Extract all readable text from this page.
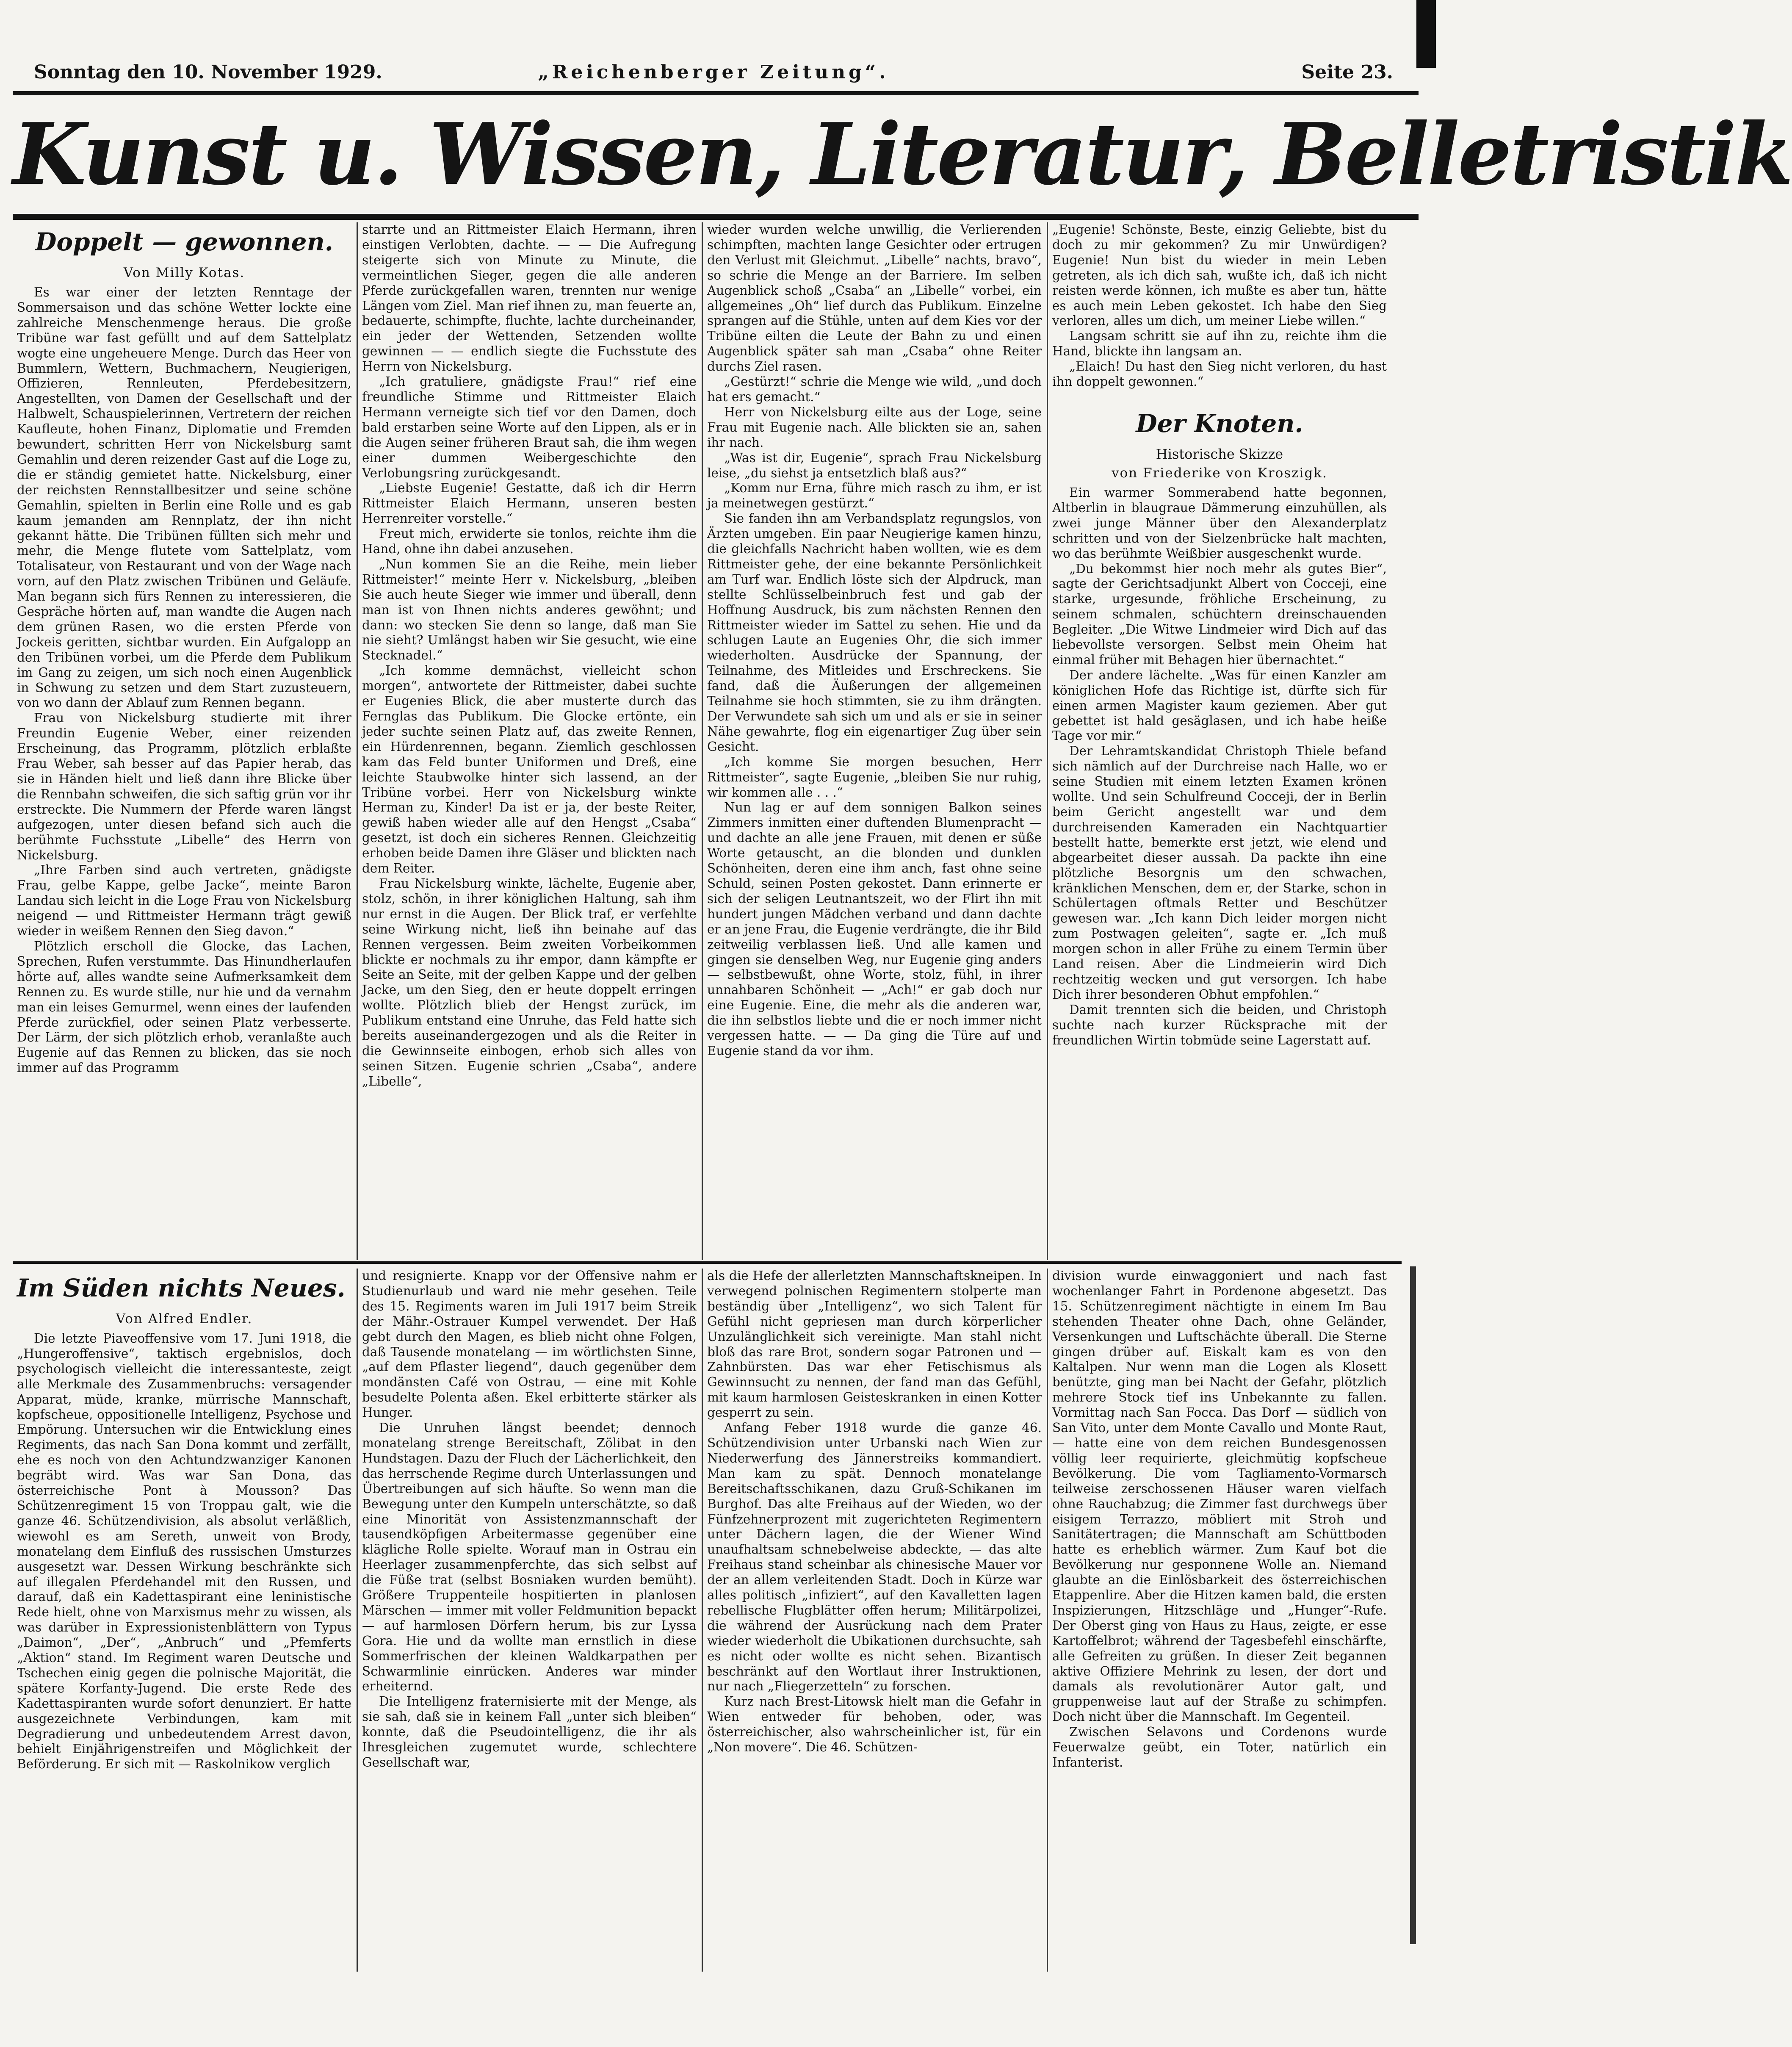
Sonntag den 10. November 1929.	„Reichenberger Zeitung“.	Seite 23.
Kunst u. Wissen, Literatur, Belletristik
Doppelt — gewonnen.
Von Milly Kotas.

Es war einer der letzten Renntage der Sommersaison und das schöne Wetter lockte eine zahlreiche Menschenmenge heraus. Die große Tribüne war fast gefüllt und auf dem Sattelplatz wogte eine ungeheuere Menge. Durch das Heer von Bummlern, Wettern, Buchmachern, Neugierigen, Offizieren, Rennleuten, Pferdebesitzern, Angestellten, von Damen der Gesellschaft und der Halbwelt, Schauspielerinnen, Vertretern der reichen Kaufleute, hohen Finanz, Diplomatie und Fremden bewundert, schritten Herr von Nickelsburg samt Gemahlin und deren reizender Gast auf die Loge zu, die er ständig gemietet hatte. Nickelsburg, einer der reichsten Rennstallbesitzer und seine schöne Gemahlin, spielten in Berlin eine Rolle und es gab kaum jemanden am Rennplatz, der ihn nicht gekannt hätte. Die Tribünen füllten sich mehr und mehr, die Menge flutete vom Sattelplatz, vom Totalisateur, von Restaurant und von der Wage nach vorn, auf den Platz zwischen Tribünen und Geläufe. Man begann sich fürs Rennen zu interessieren, die Gespräche hörten auf, man wandte die Augen nach dem grünen Rasen, wo die ersten Pferde von Jockeis geritten, sichtbar wurden. Ein Aufgalopp an den Tribünen vorbei, um die Pferde dem Publikum im Gang zu zeigen, um sich noch einen Augenblick in Schwung zu setzen und dem Start zuzusteuern, von wo dann der Ablauf zum Rennen begann.

Frau von Nickelsburg studierte mit ihrer Freundin Eugenie Weber, einer reizenden Erscheinung, das Programm, plötzlich erblaßte Frau Weber, sah besser auf das Papier herab, das sie in Händen hielt und ließ dann ihre Blicke über die Rennbahn schweifen, die sich saftig grün vor ihr erstreckte. Die Nummern der Pferde waren längst aufgezogen, unter diesen befand sich auch die berühmte Fuchsstute „Libelle“ des Herrn von Nickelsburg.

„Ihre Farben sind auch vertreten, gnädigste Frau, gelbe Kappe, gelbe Jacke“, meinte Baron Landau sich leicht in die Loge Frau von Nickelsburg neigend — und Rittmeister Hermann trägt gewiß wieder in weißem Rennen den Sieg davon.“

Plötzlich erscholl die Glocke, das Lachen, Sprechen, Rufen verstummte. Das Hinundherlaufen hörte auf, alles wandte seine Aufmerksamkeit dem Rennen zu. Es wurde stille, nur hie und da vernahm man ein leises Gemurmel, wenn eines der laufenden Pferde zurückfiel, oder seinen Platz verbesserte. Der Lärm, der sich plötzlich erhob, veranlaßte auch Eugenie auf das Rennen zu blicken, das sie noch immer auf das Programm

starrte und an Rittmeister Elaich Hermann, ihren einstigen Verlobten, dachte. — — Die Aufregung steigerte sich von Minute zu Minute, die vermeintlichen Sieger, gegen die alle anderen Pferde zurückgefallen waren, trennten nur wenige Längen vom Ziel. Man rief ihnen zu, man feuerte an, bedauerte, schimpfte, fluchte, lachte durcheinander, ein jeder der Wettenden, Setzenden wollte gewinnen — — endlich siegte die Fuchsstute des Herrn von Nickelsburg.

„Ich gratuliere, gnädigste Frau!“ rief eine freundliche Stimme und Rittmeister Elaich Hermann verneigte sich tief vor den Damen, doch bald erstarben seine Worte auf den Lippen, als er in die Augen seiner früheren Braut sah, die ihm wegen einer dummen Weibergeschichte den Verlobungsring zurückgesandt.

„Liebste Eugenie! Gestatte, daß ich dir Herrn Rittmeister Elaich Hermann, unseren besten Herrenreiter vorstelle.“

Freut mich, erwiderte sie tonlos, reichte ihm die Hand, ohne ihn dabei anzusehen.

„Nun kommen Sie an die Reihe, mein lieber Rittmeister!“ meinte Herr v. Nickelsburg, „bleiben Sie auch heute Sieger wie immer und überall, denn man ist von Ihnen nichts anderes gewöhnt; und dann: wo stecken Sie denn so lange, daß man Sie nie sieht? Umlängst haben wir Sie gesucht, wie eine Stecknadel.“

„Ich komme demnächst, vielleicht schon morgen“, antwortete der Rittmeister, dabei suchte er Eugenies Blick, die aber musterte durch das Fernglas das Publikum. Die Glocke ertönte, ein jeder suchte seinen Platz auf, das zweite Rennen, ein Hürdenrennen, begann. Ziemlich geschlossen kam das Feld bunter Uniformen und Dreß, eine leichte Staubwolke hinter sich lassend, an der Tribüne vorbei. Herr von Nickelsburg winkte Herman zu, Kinder! Da ist er ja, der beste Reiter, gewiß haben wieder alle auf den Hengst „Csaba“ gesetzt, ist doch ein sicheres Rennen. Gleichzeitig erhoben beide Damen ihre Gläser und blickten nach dem Reiter.

Frau Nickelsburg winkte, lächelte, Eugenie aber, stolz, schön, in ihrer königlichen Haltung, sah ihm nur ernst in die Augen. Der Blick traf, er verfehlte seine Wirkung nicht, ließ ihn beinahe auf das Rennen vergessen. Beim zweiten Vorbeikommen blickte er nochmals zu ihr empor, dann kämpfte er Seite an Seite, mit der gelben Kappe und der gelben Jacke, um den Sieg, den er heute doppelt erringen wollte. Plötzlich blieb der Hengst zurück, im Publikum entstand eine Unruhe, das Feld hatte sich bereits auseinandergezogen und als die Reiter in die Gewinnseite einbogen, erhob sich alles von seinen Sitzen. Eugenie schrien „Csaba“, andere „Libelle“,

wieder wurden welche unwillig, die Verlierenden schimpften, machten lange Gesichter oder ertrugen den Verlust mit Gleichmut. „Libelle“ nachts, bravo“, so schrie die Menge an der Barriere. Im selben Augenblick schoß „Csaba“ an „Libelle“ vorbei, ein allgemeines „Oh“ lief durch das Publikum. Einzelne sprangen auf die Stühle, unten auf dem Kies vor der Tribüne eilten die Leute der Bahn zu und einen Augenblick später sah man „Csaba“ ohne Reiter durchs Ziel rasen.

„Gestürzt!“ schrie die Menge wie wild, „und doch hat ers gemacht.“

Herr von Nickelsburg eilte aus der Loge, seine Frau mit Eugenie nach. Alle blickten sie an, sahen ihr nach.

„Was ist dir, Eugenie“, sprach Frau Nickelsburg leise, „du siehst ja entsetzlich blaß aus?“

„Komm nur Erna, führe mich rasch zu ihm, er ist ja meinetwegen gestürzt.“

Sie fanden ihn am Verbandsplatz regungslos, von Ärzten umgeben. Ein paar Neugierige kamen hinzu, die gleichfalls Nachricht haben wollten, wie es dem Rittmeister gehe, der eine bekannte Persönlichkeit am Turf war. Endlich löste sich der Alpdruck, man stellte Schlüsselbeinbruch fest und gab der Hoffnung Ausdruck, bis zum nächsten Rennen den Rittmeister wieder im Sattel zu sehen. Hie und da schlugen Laute an Eugenies Ohr, die sich immer wiederholten. Ausdrücke der Spannung, der Teilnahme, des Mitleides und Erschreckens. Sie fand, daß die Äußerungen der allgemeinen Teilnahme sie hoch stimmten, sie zu ihm drängten. Der Verwundete sah sich um und als er sie in seiner Nähe gewahrte, flog ein eigenartiger Zug über sein Gesicht.

„Ich komme Sie morgen besuchen, Herr Rittmeister“, sagte Eugenie, „bleiben Sie nur ruhig, wir kommen alle . . .“

Nun lag er auf dem sonnigen Balkon seines Zimmers inmitten einer duftenden Blumenpracht — und dachte an alle jene Frauen, mit denen er süße Worte getauscht, an die blonden und dunklen Schönheiten, deren eine ihm anch, fast ohne seine Schuld, seinen Posten gekostet. Dann erinnerte er sich der seligen Leutnantszeit, wo der Flirt ihn mit hundert jungen Mädchen verband und dann dachte er an jene Frau, die Eugenie verdrängte, die ihr Bild zeitweilig verblassen ließ. Und alle kamen und gingen sie denselben Weg, nur Eugenie ging anders — selbstbewußt, ohne Worte, stolz, fühl, in ihrer unnahbaren Schönheit — „Ach!“ er gab doch nur eine Eugenie. Eine, die mehr als die anderen war, die ihn selbstlos liebte und die er noch immer nicht vergessen hatte. — — Da ging die Türe auf und Eugenie stand da vor ihm.

„Eugenie! Schönste, Beste, einzig Geliebte, bist du doch zu mir gekommen? Zu mir Unwürdigen? Eugenie! Nun bist du wieder in mein Leben getreten, als ich dich sah, wußte ich, daß ich nicht reisten werde können, ich mußte es aber tun, hätte es auch mein Leben gekostet. Ich habe den Sieg verloren, alles um dich, um meiner Liebe willen.“

Langsam schritt sie auf ihn zu, reichte ihm die Hand, blickte ihn langsam an.

„Elaich! Du hast den Sieg nicht verloren, du hast ihn doppelt gewonnen.“

Der Knoten.
Historische Skizze
von Friederike von Kroszigk.

Ein warmer Sommerabend hatte begonnen, Altberlin in blaugraue Dämmerung einzuhüllen, als zwei junge Männer über den Alexanderplatz schritten und von der Sielzenbrücke halt machten, wo das berühmte Weißbier ausgeschenkt wurde.

„Du bekommst hier noch mehr als gutes Bier“, sagte der Gerichtsadjunkt Albert von Cocceji, eine starke, urgesunde, fröhliche Erscheinung, zu seinem schmalen, schüchtern dreinschauenden Begleiter. „Die Witwe Lindmeier wird Dich auf das liebevollste versorgen. Selbst mein Oheim hat einmal früher mit Behagen hier übernachtet.“

Der andere lächelte. „Was für einen Kanzler am königlichen Hofe das Richtige ist, dürfte sich für einen armen Magister kaum geziemen. Aber gut gebettet ist hald gesäglasen, und ich habe heiße Tage vor mir.“

Der Lehramtskandidat Christoph Thiele befand sich nämlich auf der Durchreise nach Halle, wo er seine Studien mit einem letzten Examen krönen wollte. Und sein Schulfreund Cocceji, der in Berlin beim Gericht angestellt war und dem durchreisenden Kameraden ein Nachtquartier bestellt hatte, bemerkte erst jetzt, wie elend und abgearbeitet dieser aussah. Da packte ihn eine plötzliche Besorgnis um den schwachen, kränklichen Menschen, dem er, der Starke, schon in Schülertagen oftmals Retter und Beschützer gewesen war. „Ich kann Dich leider morgen nicht zum Postwagen geleiten“, sagte er. „Ich muß morgen schon in aller Frühe zu einem Termin über Land reisen. Aber die Lindmeierin wird Dich rechtzeitig wecken und gut versorgen. Ich habe Dich ihrer besonderen Obhut empfohlen.“

Damit trennten sich die beiden, und Christoph suchte nach kurzer Rücksprache mit der freundlichen Wirtin tobmüde seine Lagerstatt auf.

Im Süden nichts Neues.
Von Alfred Endler.

Die letzte Piaveoffensive vom 17. Juni 1918, die „Hungeroffensive“, taktisch ergebnislos, doch psychologisch vielleicht die interessanteste, zeigt alle Merkmale des Zusammenbruchs: versagender Apparat, müde, kranke, mürrische Mannschaft, kopfscheue, oppositionelle Intelligenz, Psychose und Empörung. Untersuchen wir die Entwicklung eines Regiments, das nach San Dona kommt und zerfällt, ehe es noch von den Achtundzwanziger Kanonen begräbt wird. Was war San Dona, das österreichische Pont à Mousson? Das Schützenregiment 15 von Troppau galt, wie die ganze 46. Schützendivision, als absolut verläßlich, wiewohl es am Sereth, unweit von Brody, monatelang dem Einfluß des russischen Umsturzes ausgesetzt war. Dessen Wirkung beschränkte sich auf illegalen Pferdehandel mit den Russen, und darauf, daß ein Kadettaspirant eine leninistische Rede hielt, ohne von Marxismus mehr zu wissen, als was darüber in Expressionistenblättern von Typus „Daimon“, „Der“, „Anbruch“ und „Pfemferts „Aktion“ stand. Im Regiment waren Deutsche und Tschechen einig gegen die polnische Majorität, die spätere Korfanty-Jugend. Die erste Rede des Kadettaspiranten wurde sofort denunziert. Er hatte ausgezeichnete Verbindungen, kam mit Degradierung und unbedeutendem Arrest davon, behielt Einjährigenstreifen und Möglichkeit der Beförderung. Er sich mit — Raskolnikow verglich

und resignierte. Knapp vor der Offensive nahm er Studienurlaub und ward nie mehr gesehen. Teile des 15. Regiments waren im Juli 1917 beim Streik der Mähr.-Ostrauer Kumpel verwendet. Der Haß gebt durch den Magen, es blieb nicht ohne Folgen, daß Tausende monatelang — im wörtlichsten Sinne, „auf dem Pflaster liegend“, dauch gegenüber dem mondänsten Café von Ostrau, — eine mit Kohle besudelte Polenta aßen. Ekel erbitterte stärker als Hunger.

Die Unruhen längst beendet; dennoch monatelang strenge Bereitschaft, Zölibat in den Hundstagen. Dazu der Fluch der Lächerlichkeit, den das herrschende Regime durch Unterlassungen und Übertreibungen auf sich häufte. So wenn man die Bewegung unter den Kumpeln unterschätzte, so daß eine Minorität von Assistenzmannschaft der tausendköpfigen Arbeitermasse gegenüber eine klägliche Rolle spielte. Worauf man in Ostrau ein Heerlager zusammenpferchte, das sich selbst auf die Füße trat (selbst Bosniaken wurden bemüht). Größere Truppenteile hospitierten in planlosen Märschen — immer mit voller Feldmunition bepackt — auf harmlosen Dörfern herum, bis zur Lyssa Gora. Hie und da wollte man ernstlich in diese Sommerfrischen der kleinen Waldkarpathen per Schwarmlinie einrücken. Anderes war minder erheiternd.

Die Intelligenz fraternisierte mit der Menge, als sie sah, daß sie in keinem Fall „unter sich bleiben“ konnte, daß die Pseudointelligenz, die ihr als Ihresgleichen zugemutet wurde, schlechtere Gesellschaft war,

als die Hefe der allerletzten Mannschaftskneipen. In verwegend polnischen Regimentern stolperte man beständig über „Intelligenz“, wo sich Talent für Gefühl nicht gepriesen man durch körperlicher Unzulänglichkeit sich vereinigte. Man stahl nicht bloß das rare Brot, sondern sogar Patronen und — Zahnbürsten. Das war eher Fetischismus als Gewinnsucht zu nennen, der fand man das Gefühl, mit kaum harmlosen Geisteskranken in einen Kotter gesperrt zu sein.

Anfang Feber 1918 wurde die ganze 46. Schützendivision unter Urbanski nach Wien zur Niederwerfung des Jännerstreiks kommandiert. Man kam zu spät. Dennoch monatelange Bereitschaftsschikanen, dazu Gruß-Schikanen im Burghof. Das alte Freihaus auf der Wieden, wo der Fünfzehnerprozent mit zugerichteten Regimentern unter Dächern lagen, die der Wiener Wind unaufhaltsam schnebelweise abdeckte, — das alte Freihaus stand scheinbar als chinesische Mauer vor der an allem verleitenden Stadt. Doch in Kürze war alles politisch „infiziert“, auf den Kavalletten lagen rebellische Flugblätter offen herum; Militärpolizei, die während der Ausrückung nach dem Prater wieder wiederholt die Ubikationen durchsuchte, sah es nicht oder wollte es nicht sehen. Bizantisch beschränkt auf den Wortlaut ihrer Instruktionen, nur nach „Fliegerzetteln“ zu forschen.

Kurz nach Brest-Litowsk hielt man die Gefahr in Wien entweder für behoben, oder, was österreichischer, also wahrscheinlicher ist, für ein „Non movere“. Die 46. Schützen-

division wurde einwaggoniert und nach fast wochenlanger Fahrt in Pordenone abgesetzt. Das 15. Schützenregiment nächtigte in einem Im Bau stehenden Theater ohne Dach, ohne Geländer, Versenkungen und Luftschächte überall. Die Sterne gingen drüber auf. Eiskalt kam es von den Kaltalpen. Nur wenn man die Logen als Klosett benützte, ging man bei Nacht der Gefahr, plötzlich mehrere Stock tief ins Unbekannte zu fallen. Vormittag nach San Focca. Das Dorf — südlich von San Vito, unter dem Monte Cavallo und Monte Raut, — hatte eine von dem reichen Bundesgenossen völlig leer requirierte, gleichmütig kopfscheue Bevölkerung. Die vom Tagliamento-Vormarsch teilweise zerschossenen Häuser waren vielfach ohne Rauchabzug; die Zimmer fast durchwegs über eisigem Terrazzo, möbliert mit Stroh und Sanitätertragen; die Mannschaft am Schüttboden hatte es erheblich wärmer. Zum Kauf bot die Bevölkerung nur gesponnene Wolle an. Niemand glaubte an die Einlösbarkeit des österreichischen Etappenlire. Aber die Hitzen kamen bald, die ersten Inspizierungen, Hitzschläge und „Hunger“-Rufe. Der Oberst ging von Haus zu Haus, zeigte, er esse Kartoffelbrot; während der Tagesbefehl einschärfte, alle Gefreiten zu grüßen. In dieser Zeit begannen aktive Offiziere Mehrink zu lesen, der dort und damals als revolutionärer Autor galt, und gruppenweise laut auf der Straße zu schimpfen. Doch nicht über die Mannschaft. Im Gegenteil.

Zwischen Selavons und Cordenons wurde Feuerwalze geübt, ein Toter, natürlich ein Infanterist.
